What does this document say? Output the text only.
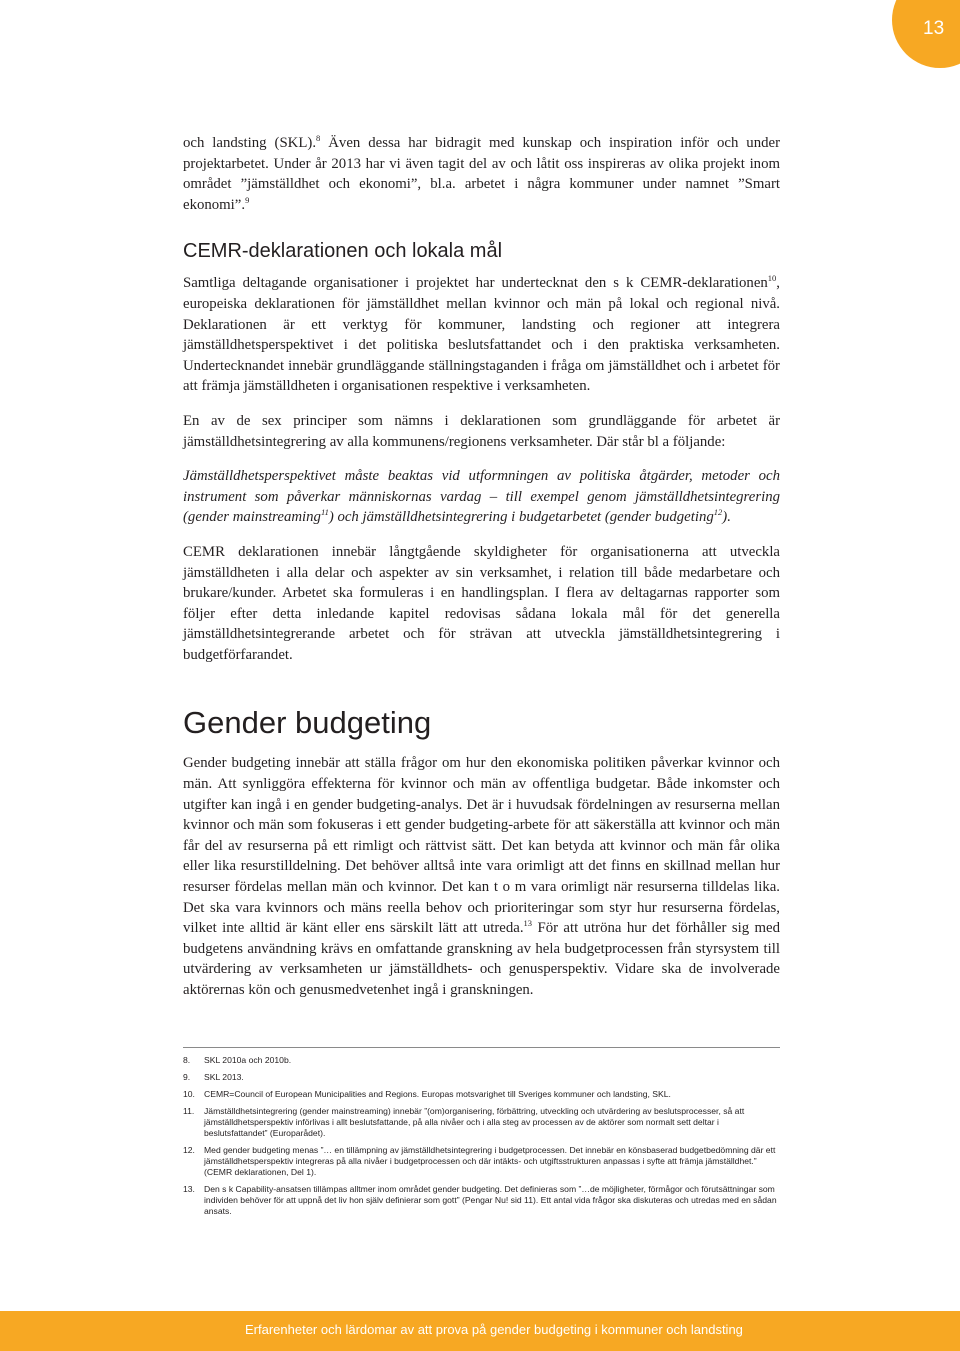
13

och landsting (SKL).$^8$ Även dessa har bidragit med kunskap och inspiration inför och under projektarbetet. Under år 2013 har vi även tagit del av och låtit oss inspireras av olika projekt inom området ”jämställdhet och ekonomi”, bl.a. arbetet i några kommuner under namnet ”Smart ekonomi”.$^9$

CEMR-deklarationen och lokala mål

Samtliga deltagande organisationer i projektet har undertecknat den s k CEMR-deklarationen$^{10}$, europeiska deklarationen för jämställdhet mellan kvinnor och män på lokal och regional nivå. Deklarationen är ett verktyg för kommuner, landsting och regioner att integrera jämställdhetsperspektivet i det politiska beslutsfattandet och i den praktiska verksamheten. Undertecknandet innebär grundläggande ställningstaganden i fråga om jämställdhet och i arbetet för att främja jämställdheten i organisationen respektive i verksamheten.

En av de sex principer som nämns i deklarationen som grundläggande för arbetet är jämställdhetsintegrering av alla kommunens/regionens verksamheter. Där står bl a följande:

Jämställdhetsperspektivet måste beaktas vid utformningen av politiska åtgärder, metoder och instrument som påverkar människornas vardag – till exempel genom jämställdhetsintegrering (gender mainstreaming$^{11}$) och jämställdhetsintegrering i budgetarbetet (gender budgeting$^{12}$).

CEMR deklarationen innebär långtgående skyldigheter för organisationerna att utveckla jämställdheten i alla delar och aspekter av sin verksamhet, i relation till både medarbetare och brukare/kunder. Arbetet ska formuleras i en handlingsplan. I flera av deltagarnas rapporter som följer efter detta inledande kapitel redovisas sådana lokala mål för det generella jämställdhetsintegrerande arbetet och för strävan att utveckla jämställdhetsintegrering i budgetförfarandet.

Gender budgeting

Gender budgeting innebär att ställa frågor om hur den ekonomiska politiken påverkar kvinnor och män. Att synliggöra effekterna för kvinnor och män av offentliga budgetar. Både inkomster och utgifter kan ingå i en gender budgeting-analys. Det är i huvudsak fördelningen av resurserna mellan kvinnor och män som fokuseras i ett gender budgeting-arbete för att säkerställa att kvinnor och män får del av resurserna på ett rimligt och rättvist sätt. Det kan betyda att kvinnor och män får olika eller lika resurstilldelning. Det behöver alltså inte vara orimligt att det finns en skillnad mellan hur resurser fördelas mellan män och kvinnor. Det kan t o m vara orimligt när resurserna tilldelas lika. Det ska vara kvinnors och mäns reella behov och prioriteringar som styr hur resurserna fördelas, vilket inte alltid är känt eller ens särskilt lätt att utreda.$^{13}$ För att utröna hur det förhåller sig med budgetens användning krävs en omfattande granskning av hela budgetprocessen från styrsystem till utvärdering av verksamheten ur jämställdhets- och genusperspektiv. Vidare ska de involverade aktörernas kön och genusmedvetenhet ingå i granskningen.

8.	SKL 2010a och 2010b.
9.	SKL 2013.
10.	CEMR=Council of European Municipalities and Regions. Europas motsvarighet till Sveriges kommuner och landsting, SKL.
11.	Jämställdhetsintegrering (gender mainstreaming) innebär ”(om)organisering, förbättring, utveckling och utvärdering av beslutsprocesser, så att jämställdhetsperspektiv införlivas i allt beslutsfattande, på alla nivåer och i alla steg av processen av de aktörer som normalt sett deltar i beslutsfattandet” (Europarådet).
12.	Med gender budgeting menas ”… en tillämpning av jämställdhetsintegrering i budgetprocessen. Det innebär en könsbaserad budgetbedömning där ett jämställdhetsperspektiv integreras på alla nivåer i budgetprocessen och där intäkts- och utgiftsstrukturen anpassas i syfte att främja jämställdhet.” (CEMR deklarationen, Del 1).
13.	Den s k Capability-ansatsen tillämpas alltmer inom området gender budgeting. Det definieras som ”…de möjligheter, förmågor och förutsättningar som individen behöver för att uppnå det liv hon själv definierar som gott” (Pengar Nu! sid 11). Ett antal vida frågor ska diskuteras och utredas med en sådan ansats.
Erfarenheter och lärdomar av att prova på gender budgeting i kommuner och landsting
